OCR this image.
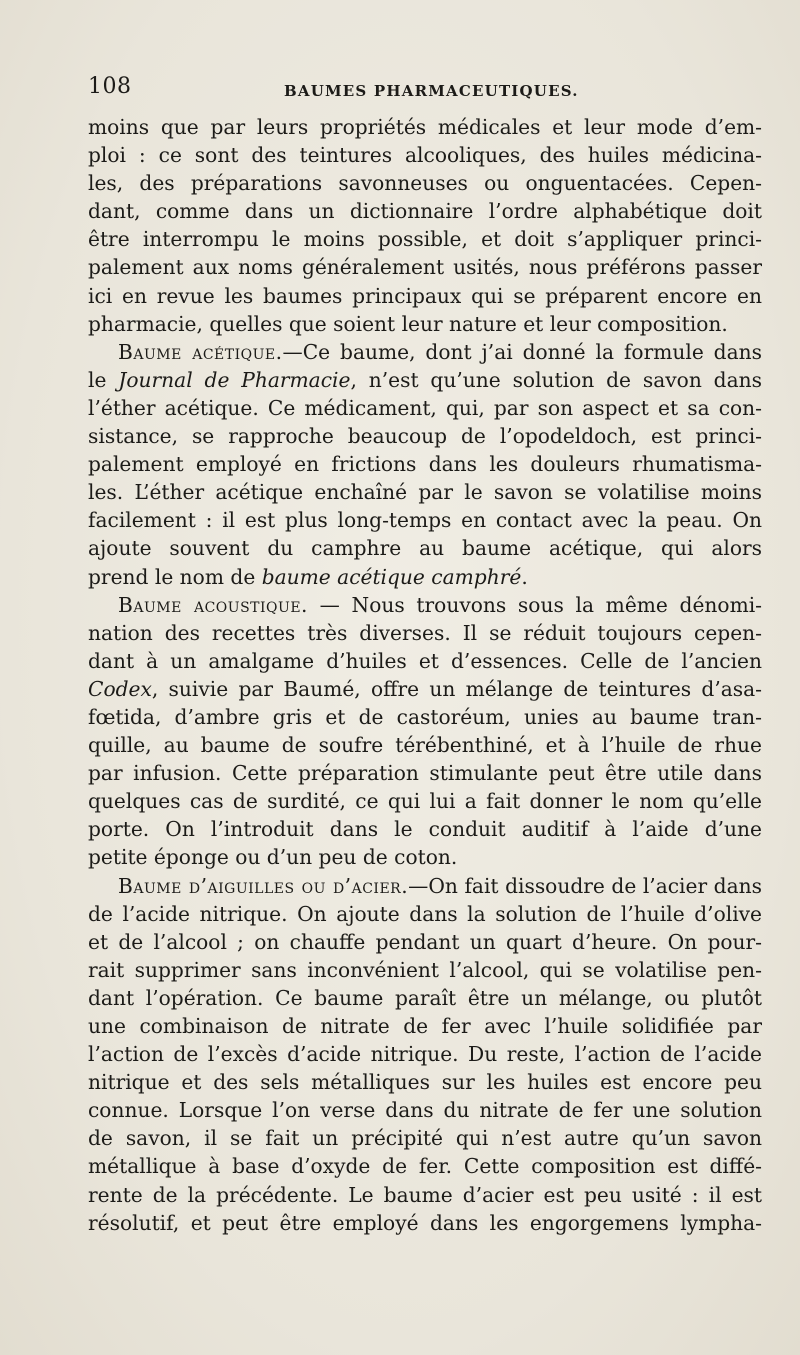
108	BAUMES PHARMACEUTIQUES.
moins que par leurs propriétés médicales et leur mode d’em-
ploi : ce sont des teintures alcooliques, des huiles médicina-
les, des préparations savonneuses ou onguentacées. Cepen-
dant, comme dans un dictionnaire l’ordre alphabétique doit
être interrompu le moins possible, et doit s’appliquer princi-
palement aux noms généralement usités, nous préférons passer
ici en revue les baumes principaux qui se préparent encore en
pharmacie, quelles que soient leur nature et leur composition.
Baume acétique.—Ce baume, dont j’ai donné la formule dans
le Journal de Pharmacie, n’est qu’une solution de savon dans
l’éther acétique. Ce médicament, qui, par son aspect et sa con-
sistance, se rapproche beaucoup de l’opodeldoch, est princi-
palement employé en frictions dans les douleurs rhumatisma-
les. L’éther acétique enchaîné par le savon se volatilise moins
facilement : il est plus long-temps en contact avec la peau. On
ajoute souvent du camphre au baume acétique, qui alors
prend le nom de baume acétique camphré.
Baume acoustique. — Nous trouvons sous la même dénomi-
nation des recettes très diverses. Il se réduit toujours cepen-
dant à un amalgame d’huiles et d’essences. Celle de l’ancien
Codex, suivie par Baumé, offre un mélange de teintures d’asa-
fœtida, d’ambre gris et de castoréum, unies au baume tran-
quille, au baume de soufre térébenthiné, et à l’huile de rhue
par infusion. Cette préparation stimulante peut être utile dans
quelques cas de surdité, ce qui lui a fait donner le nom qu’elle
porte. On l’introduit dans le conduit auditif à l’aide d’une
petite éponge ou d’un peu de coton.
Baume d’aiguilles ou d’acier.—On fait dissoudre de l’acier dans
de l’acide nitrique. On ajoute dans la solution de l’huile d’olive
et de l’alcool ; on chauffe pendant un quart d’heure. On pour-
rait supprimer sans inconvénient l’alcool, qui se volatilise pen-
dant l’opération. Ce baume paraît être un mélange, ou plutôt
une combinaison de nitrate de fer avec l’huile solidifiée par
l’action de l’excès d’acide nitrique. Du reste, l’action de l’acide
nitrique et des sels métalliques sur les huiles est encore peu
connue. Lorsque l’on verse dans du nitrate de fer une solution
de savon, il se fait un précipité qui n’est autre qu’un savon
métallique à base d’oxyde de fer. Cette composition est diffé-
rente de la précédente. Le baume d’acier est peu usité : il est
résolutif, et peut être employé dans les engorgemens lympha-
